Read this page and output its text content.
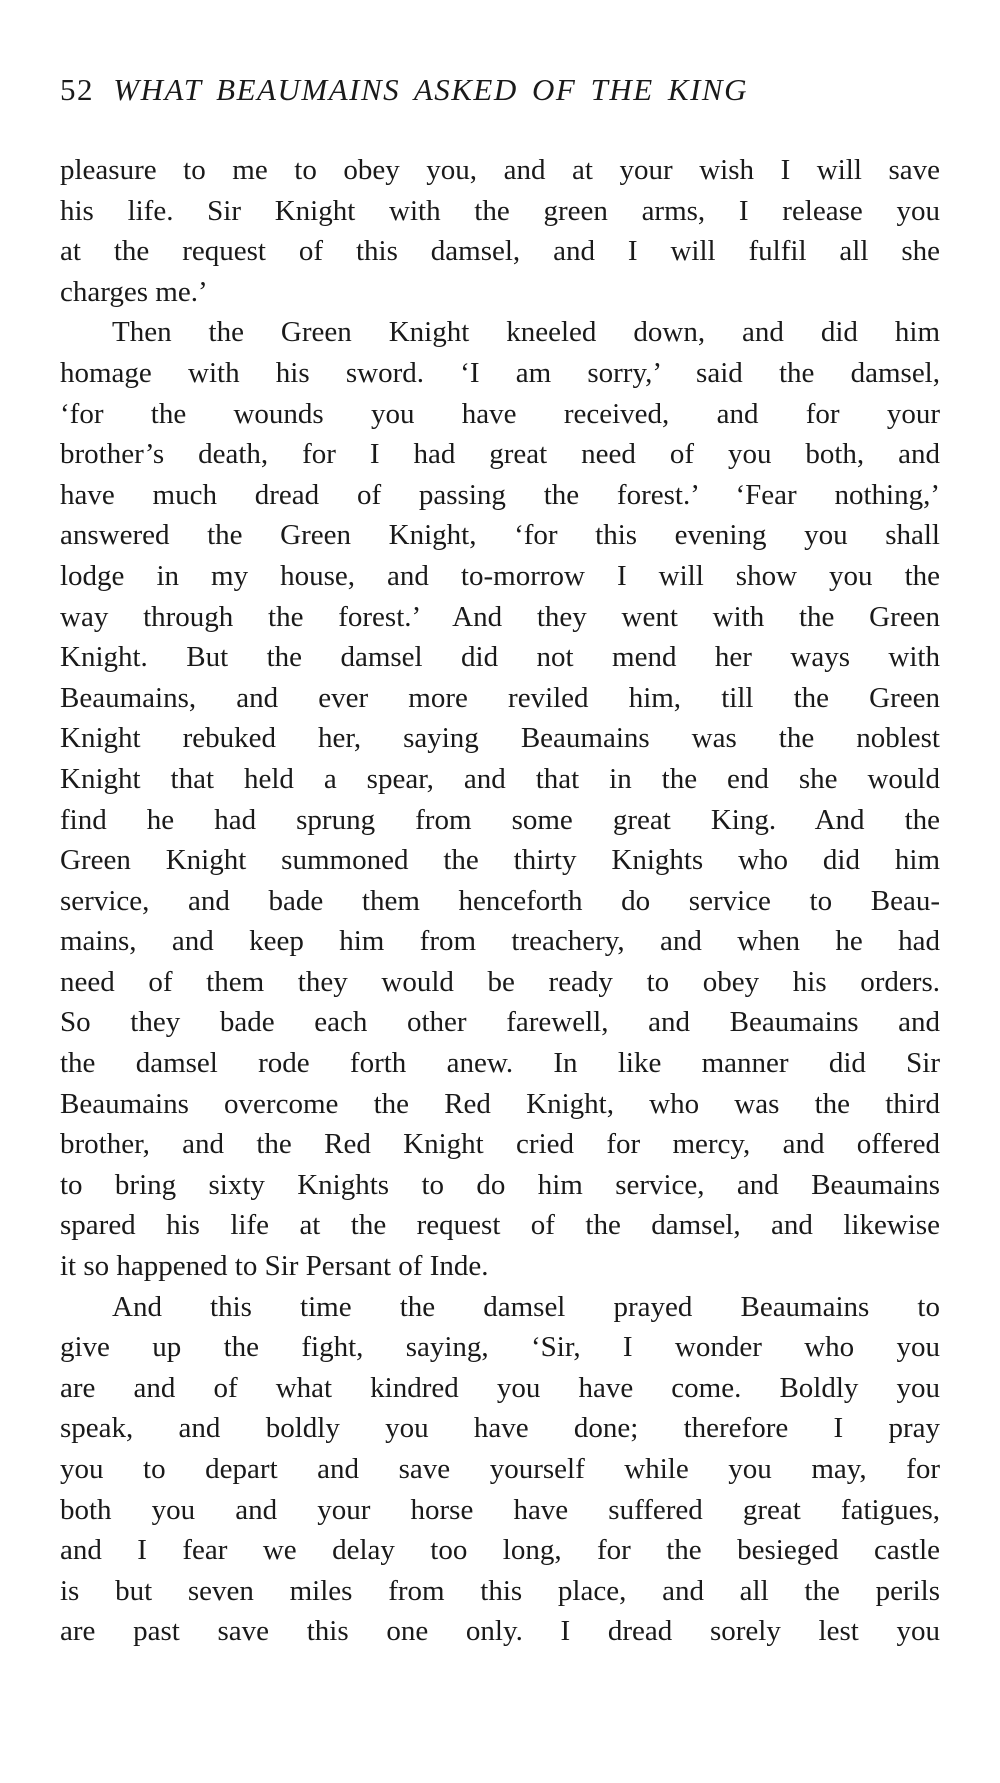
52 WHAT BEAUMAINS ASKED OF THE KING
pleasure to me to obey you, and at your wish I will save
his life. Sir Knight with the green arms, I release you
at the request of this damsel, and I will fulfil all she
charges me.’
Then the Green Knight kneeled down, and did him
homage with his sword. ‘I am sorry,’ said the damsel,
‘for the wounds you have received, and for your
brother’s death, for I had great need of you both, and
have much dread of passing the forest.’ ‘Fear nothing,’
answered the Green Knight, ‘for this evening you shall
lodge in my house, and to-morrow I will show you the
way through the forest.’ And they went with the Green
Knight. But the damsel did not mend her ways with
Beaumains, and ever more reviled him, till the Green
Knight rebuked her, saying Beaumains was the noblest
Knight that held a spear, and that in the end she would
find he had sprung from some great King. And the
Green Knight summoned the thirty Knights who did him
service, and bade them henceforth do service to Beau-
mains, and keep him from treachery, and when he had
need of them they would be ready to obey his orders.
So they bade each other farewell, and Beaumains and
the damsel rode forth anew. In like manner did Sir
Beaumains overcome the Red Knight, who was the third
brother, and the Red Knight cried for mercy, and offered
to bring sixty Knights to do him service, and Beaumains
spared his life at the request of the damsel, and likewise
it so happened to Sir Persant of Inde.
And this time the damsel prayed Beaumains to
give up the fight, saying, ‘Sir, I wonder who you
are and of what kindred you have come. Boldly you
speak, and boldly you have done; therefore I pray
you to depart and save yourself while you may, for
both you and your horse have suffered great fatigues,
and I fear we delay too long, for the besieged castle
is but seven miles from this place, and all the perils
are past save this one only. I dread sorely lest you
